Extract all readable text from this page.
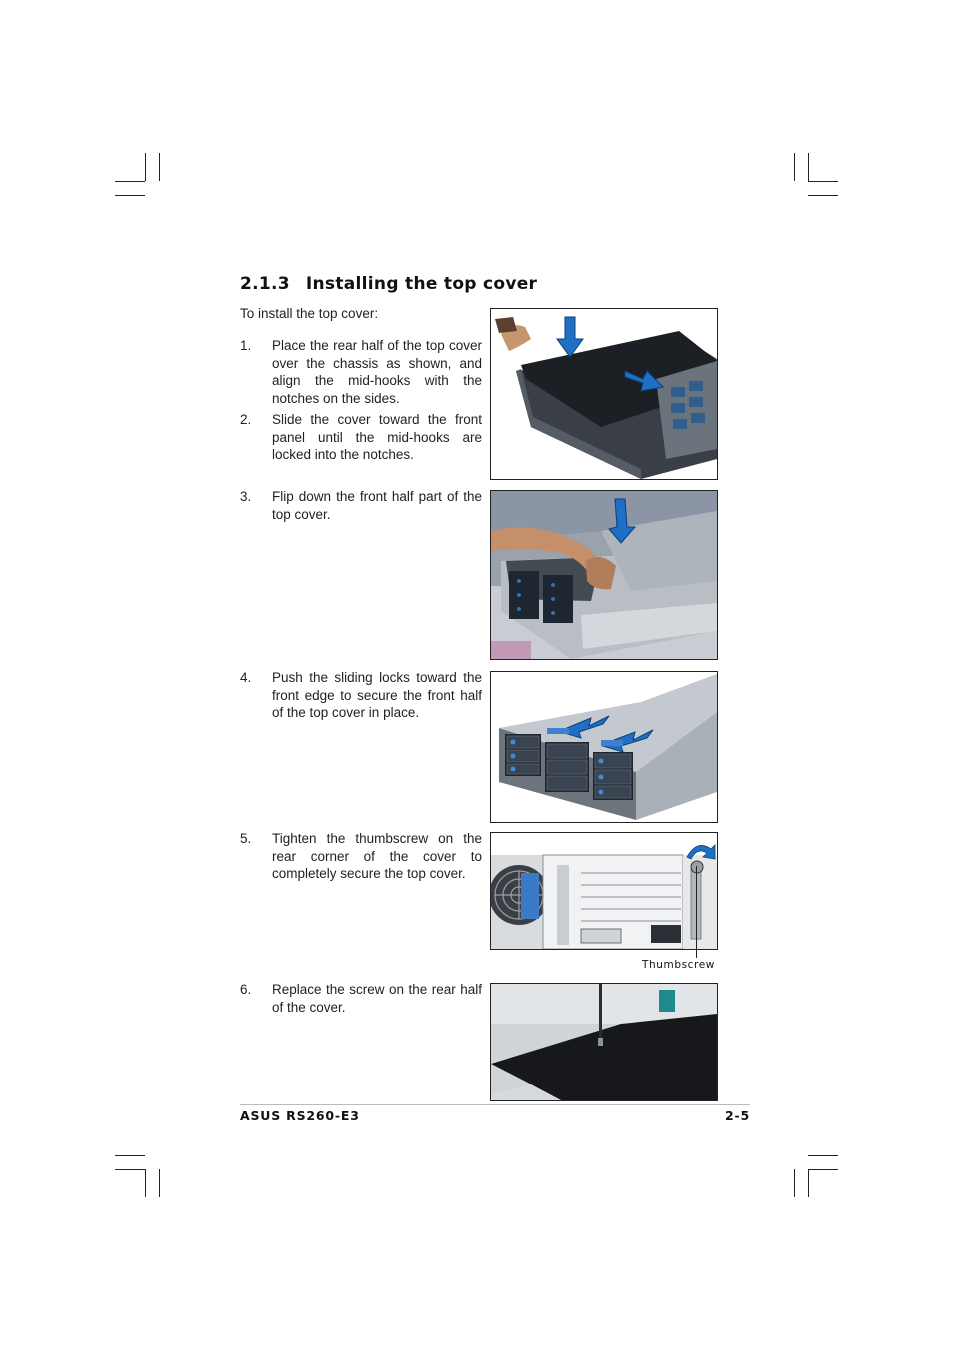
2.1.3 Installing the top cover
To install the top cover:
1. Place the rear half of the top cover over the chassis as shown, and align the mid-hooks with the notches on the sides.
2. Slide the cover toward the front panel until the mid-hooks are locked into the notches.
3. Flip down the front half part of the top cover.
4. Push the sliding locks toward the front edge to secure the front half of the top cover in place.
5. Tighten the thumbscrew on the rear corner of the cover to completely secure the top cover.
6. Replace the screw on the rear half of the cover.
Thumbscrew
ASUS RS260-E3	2-5
